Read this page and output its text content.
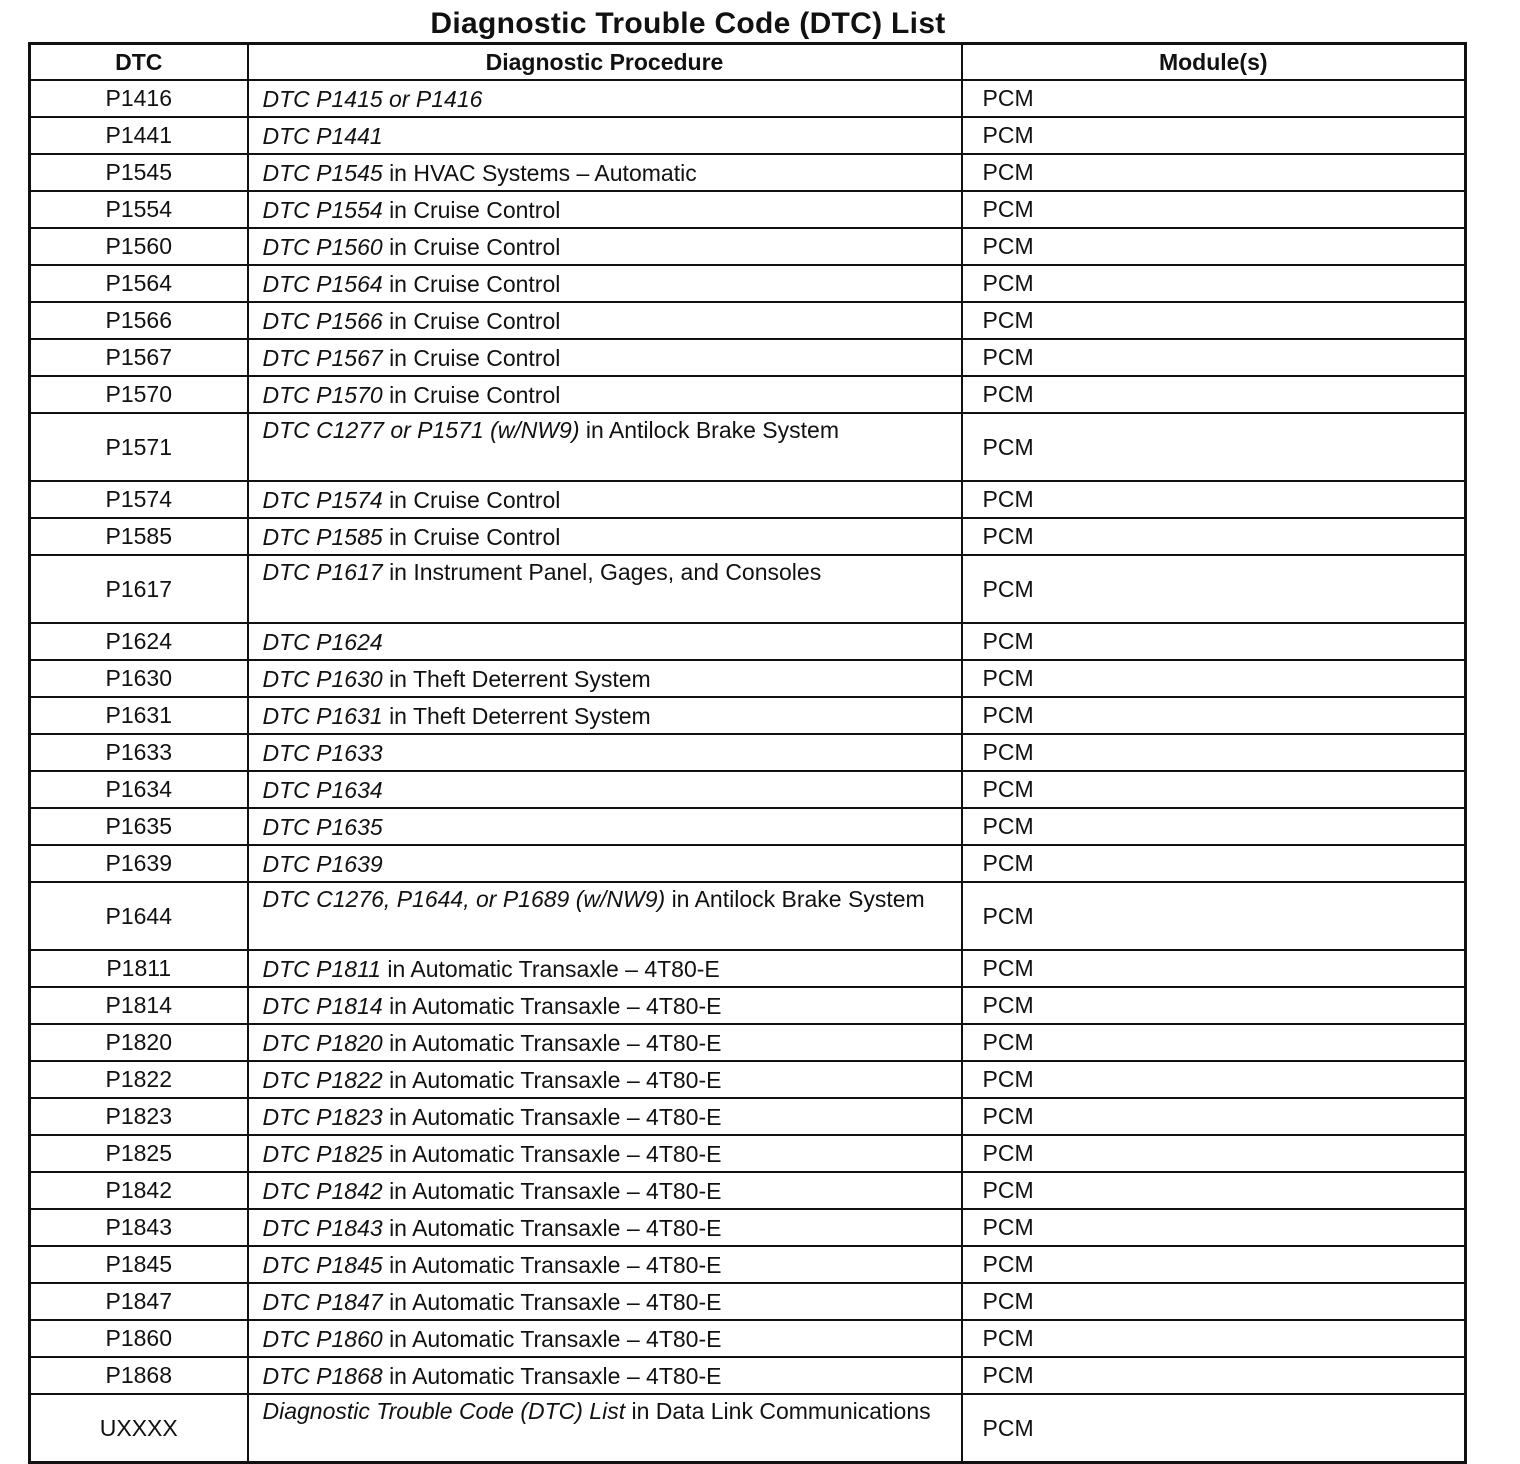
Diagnostic Trouble Code (DTC) List
DTC	Diagnostic Procedure	Module(s)
P1416	DTC P1415 or P1416	PCM
P1441	DTC P1441	PCM
P1545	DTC P1545 in HVAC Systems – Automatic	PCM
P1554	DTC P1554 in Cruise Control	PCM
P1560	DTC P1560 in Cruise Control	PCM
P1564	DTC P1564 in Cruise Control	PCM
P1566	DTC P1566 in Cruise Control	PCM
P1567	DTC P1567 in Cruise Control	PCM
P1570	DTC P1570 in Cruise Control	PCM
P1571	DTC C1277 or P1571 (w/NW9) in Antilock Brake System	PCM
P1574	DTC P1574 in Cruise Control	PCM
P1585	DTC P1585 in Cruise Control	PCM
P1617	DTC P1617 in Instrument Panel, Gages, and Consoles	PCM
P1624	DTC P1624	PCM
P1630	DTC P1630 in Theft Deterrent System	PCM
P1631	DTC P1631 in Theft Deterrent System	PCM
P1633	DTC P1633	PCM
P1634	DTC P1634	PCM
P1635	DTC P1635	PCM
P1639	DTC P1639	PCM
P1644	DTC C1276, P1644, or P1689 (w/NW9) in Antilock Brake System	PCM
P1811	DTC P1811 in Automatic Transaxle – 4T80-E	PCM
P1814	DTC P1814 in Automatic Transaxle – 4T80-E	PCM
P1820	DTC P1820 in Automatic Transaxle – 4T80-E	PCM
P1822	DTC P1822 in Automatic Transaxle – 4T80-E	PCM
P1823	DTC P1823 in Automatic Transaxle – 4T80-E	PCM
P1825	DTC P1825 in Automatic Transaxle – 4T80-E	PCM
P1842	DTC P1842 in Automatic Transaxle – 4T80-E	PCM
P1843	DTC P1843 in Automatic Transaxle – 4T80-E	PCM
P1845	DTC P1845 in Automatic Transaxle – 4T80-E	PCM
P1847	DTC P1847 in Automatic Transaxle – 4T80-E	PCM
P1860	DTC P1860 in Automatic Transaxle – 4T80-E	PCM
P1868	DTC P1868 in Automatic Transaxle – 4T80-E	PCM
UXXXX	Diagnostic Trouble Code (DTC) List in Data Link Communications	PCM
